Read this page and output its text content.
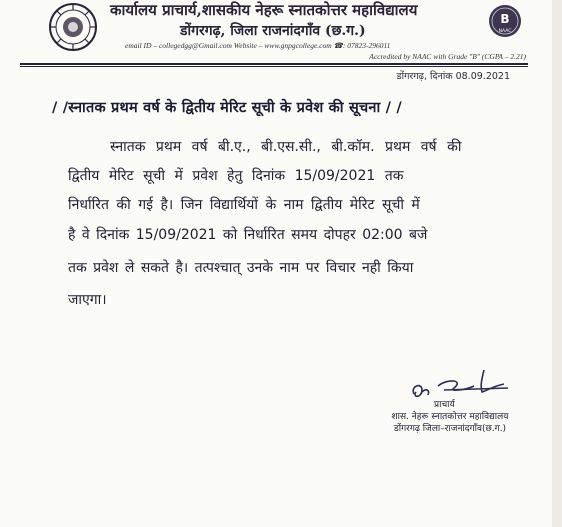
कार्यालय प्राचार्य,शासकीय नेहरू स्नातकोत्तर महाविद्यालय
डोंगरगढ़, जिला राजनांदगाँव (छ.ग.)
B
NAAC
email ID – collegedgg@Gmail.com Website – www.gnpgcollege.com ☎: 07823-296011
Accredited by NAAC with Grade "B" (CGPA – 2.21)
डोंगरगढ़, दिनांक 08.09.2021
/ /स्नातक प्रथम वर्ष के द्वितीय मेरिट सूची के प्रवेश की सूचना / /
स्नातक प्रथम वर्ष बी.ए., बी.एस.सी., बी.कॉम. प्रथम वर्ष की
द्वितीय मेरिट सूची में प्रवेश हेतु दिनांक 15/09/2021 तक
निर्धारित की गई है। जिन विद्यार्थियों के नाम द्वितीय मेरिट सूची में
है वे दिनांक 15/09/2021 को निर्धारित समय दोपहर 02:00 बजे
तक प्रवेश ले सकते है। तत्पश्चात् उनके नाम पर विचार नही किया
जाएगा।
प्राचार्य
शास. नेहरू स्नातकोत्तर महाविद्यालय
डोंगरगढ़ जिला–राजनांदगाँव(छ.ग.)
